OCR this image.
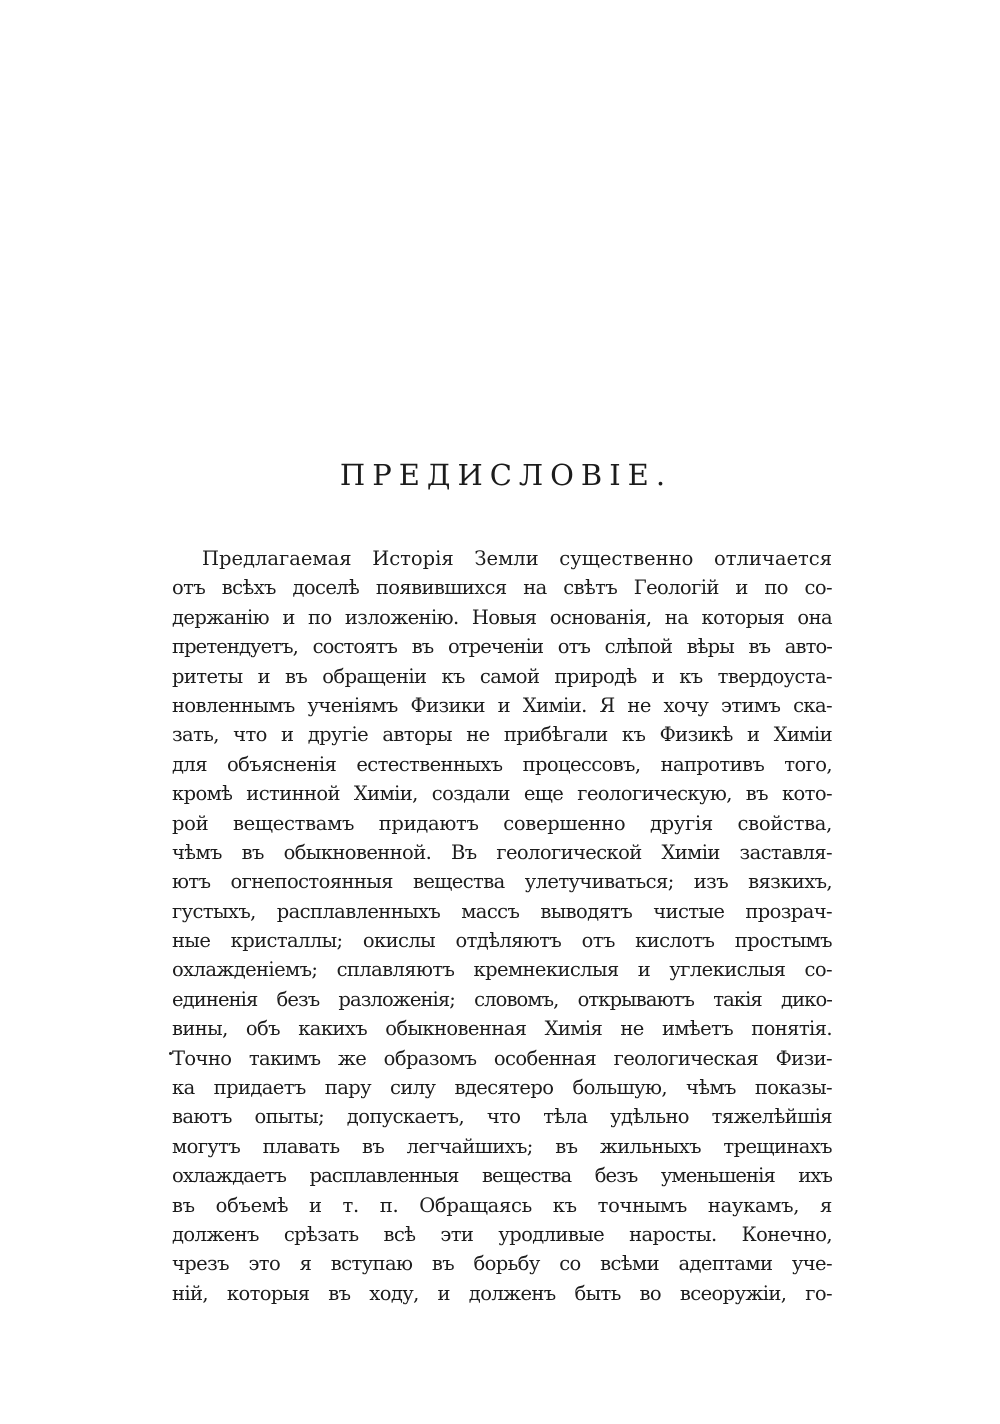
ПРЕДИСЛОВІЕ.
Предлагаемая Исторія Земли существенно отличается
отъ всѣхъ доселѣ появившихся на свѣтъ Геологій и по со-
держанію и по изложенію. Новыя основанія, на которыя она
претендуетъ, состоятъ въ отреченіи отъ слѣпой вѣры въ авто-
ритеты и въ обращеніи къ самой природѣ и къ твердоуста-
новленнымъ ученіямъ Физики и Химіи. Я не хочу этимъ ска-
зать, что и другіе авторы не прибѣгали къ Физикѣ и Химіи
для объясненія естественныхъ процессовъ, напротивъ того,
кромѣ истинной Химіи, создали еще геологическую, въ кото-
рой веществамъ придаютъ совершенно другія свойства,
чѣмъ въ обыкновенной. Въ геологической Химіи заставля-
ютъ огнепостоянныя вещества улетучиваться; изъ вязкихъ,
густыхъ, расплавленныхъ массъ выводятъ чистые прозрач-
ные кристаллы; окислы отдѣляютъ отъ кислотъ простымъ
охлажденіемъ; сплавляютъ кремнекислыя и углекислыя со-
единенія безъ разложенія; словомъ, открываютъ такія дико-
вины, объ какихъ обыкновенная Химія не имѣетъ понятія.
Точно такимъ же образомъ особенная геологическая Физи-
ка придаетъ пару силу вдесятеро большую, чѣмъ показы-
ваютъ опыты; допускаетъ, что тѣла удѣльно тяжелѣйшія
могутъ плавать въ легчайшихъ; въ жильныхъ трещинахъ
охлаждаетъ расплавленныя вещества безъ уменьшенія ихъ
въ объемѣ и т. п. Обращаясь къ точнымъ наукамъ, я
долженъ срѣзать всѣ эти уродливые наросты. Конечно,
чрезъ это я вступаю въ борьбу со всѣми адептами уче-
ній, которыя въ ходу, и долженъ быть во всеоружіи, го-
